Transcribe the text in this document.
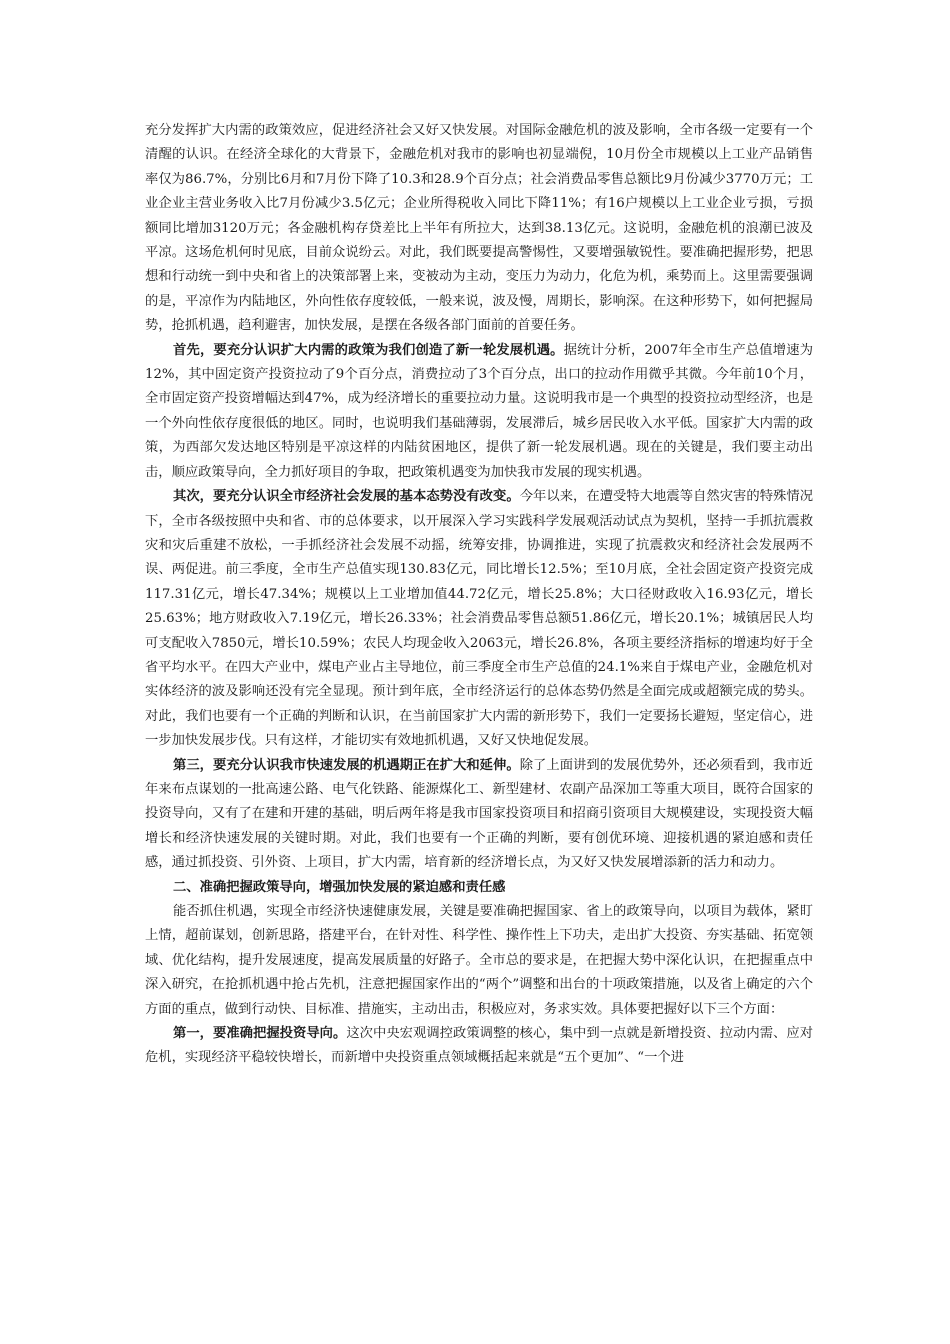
充分发挥扩大内需的政策效应，促进经济社会又好又快发展。对国际金融危机的波及影响，全市各级一定要有一个清醒的认识。在经济全球化的大背景下，金融危机对我市的影响也初显端倪，10月份全市规模以上工业产品销售率仅为86.7%，分别比6月和7月份下降了10.3和28.9个百分点；社会消费品零售总额比9月份减少3770万元；工业企业主营业务收入比7月份减少3.5亿元；企业所得税收入同比下降11%；有16户规模以上工业企业亏损，亏损额同比增加3120万元；各金融机构存贷差比上半年有所拉大，达到38.13亿元。这说明，金融危机的浪潮已波及平凉。这场危机何时见底，目前众说纷云。对此，我们既要提高警惕性，又要增强敏锐性。要准确把握形势，把思想和行动统一到中央和省上的决策部署上来，变被动为主动，变压力为动力，化危为机，乘势而上。这里需要强调的是，平凉作为内陆地区，外向性依存度较低，一般来说，波及慢，周期长，影响深。在这种形势下，如何把握局势，抢抓机遇，趋利避害，加快发展，是摆在各级各部门面前的首要任务。

首先，要充分认识扩大内需的政策为我们创造了新一轮发展机遇。据统计分析，2007年全市生产总值增速为12%，其中固定资产投资拉动了9个百分点，消费拉动了3个百分点，出口的拉动作用微乎其微。今年前10个月，全市固定资产投资增幅达到47%，成为经济增长的重要拉动力量。这说明我市是一个典型的投资拉动型经济，也是一个外向性依存度很低的地区。同时，也说明我们基础薄弱，发展滞后，城乡居民收入水平低。国家扩大内需的政策，为西部欠发达地区特别是平凉这样的内陆贫困地区，提供了新一轮发展机遇。现在的关键是，我们要主动出击，顺应政策导向，全力抓好项目的争取，把政策机遇变为加快我市发展的现实机遇。

其次，要充分认识全市经济社会发展的基本态势没有改变。今年以来，在遭受特大地震等自然灾害的特殊情况下，全市各级按照中央和省、市的总体要求，以开展深入学习实践科学发展观活动试点为契机，坚持一手抓抗震救灾和灾后重建不放松，一手抓经济社会发展不动摇，统筹安排，协调推进，实现了抗震救灾和经济社会发展两不误、两促进。前三季度，全市生产总值实现130.83亿元，同比增长12.5%；至10月底，全社会固定资产投资完成117.31亿元，增长47.34%；规模以上工业增加值44.72亿元，增长25.8%；大口径财政收入16.93亿元，增长25.63%；地方财政收入7.19亿元，增长26.33%；社会消费品零售总额51.86亿元，增长20.1%；城镇居民人均可支配收入7850元，增长10.59%；农民人均现金收入2063元，增长26.8%，各项主要经济指标的增速均好于全省平均水平。在四大产业中，煤电产业占主导地位，前三季度全市生产总值的24.1%来自于煤电产业，金融危机对实体经济的波及影响还没有完全显现。预计到年底，全市经济运行的总体态势仍然是全面完成或超额完成的势头。对此，我们也要有一个正确的判断和认识，在当前国家扩大内需的新形势下，我们一定要扬长避短，坚定信心，进一步加快发展步伐。只有这样，才能切实有效地抓机遇，又好又快地促发展。

第三，要充分认识我市快速发展的机遇期正在扩大和延伸。除了上面讲到的发展优势外，还必须看到，我市近年来布点谋划的一批高速公路、电气化铁路、能源煤化工、新型建材、农副产品深加工等重大项目，既符合国家的投资导向，又有了在建和开建的基础，明后两年将是我市国家投资项目和招商引资项目大规模建设，实现投资大幅增长和经济快速发展的关键时期。对此，我们也要有一个正确的判断，要有创优环境、迎接机遇的紧迫感和责任感，通过抓投资、引外资、上项目，扩大内需，培育新的经济增长点，为又好又快发展增添新的活力和动力。

二、准确把握政策导向，增强加快发展的紧迫感和责任感

能否抓住机遇，实现全市经济快速健康发展，关键是要准确把握国家、省上的政策导向，以项目为载体，紧盯上情，超前谋划，创新思路，搭建平台，在针对性、科学性、操作性上下功夫，走出扩大投资、夯实基础、拓宽领域、优化结构，提升发展速度，提高发展质量的好路子。全市总的要求是，在把握大势中深化认识，在把握重点中深入研究，在抢抓机遇中抢占先机，注意把握国家作出的“两个”调整和出台的十项政策措施，以及省上确定的六个方面的重点，做到行动快、目标准、措施实，主动出击，积极应对，务求实效。具体要把握好以下三个方面：

第一，要准确把握投资导向。这次中央宏观调控政策调整的核心，集中到一点就是新增投资、拉动内需、应对危机，实现经济平稳较快增长，而新增中央投资重点领域概括起来就是“五个更加”、“一个进
